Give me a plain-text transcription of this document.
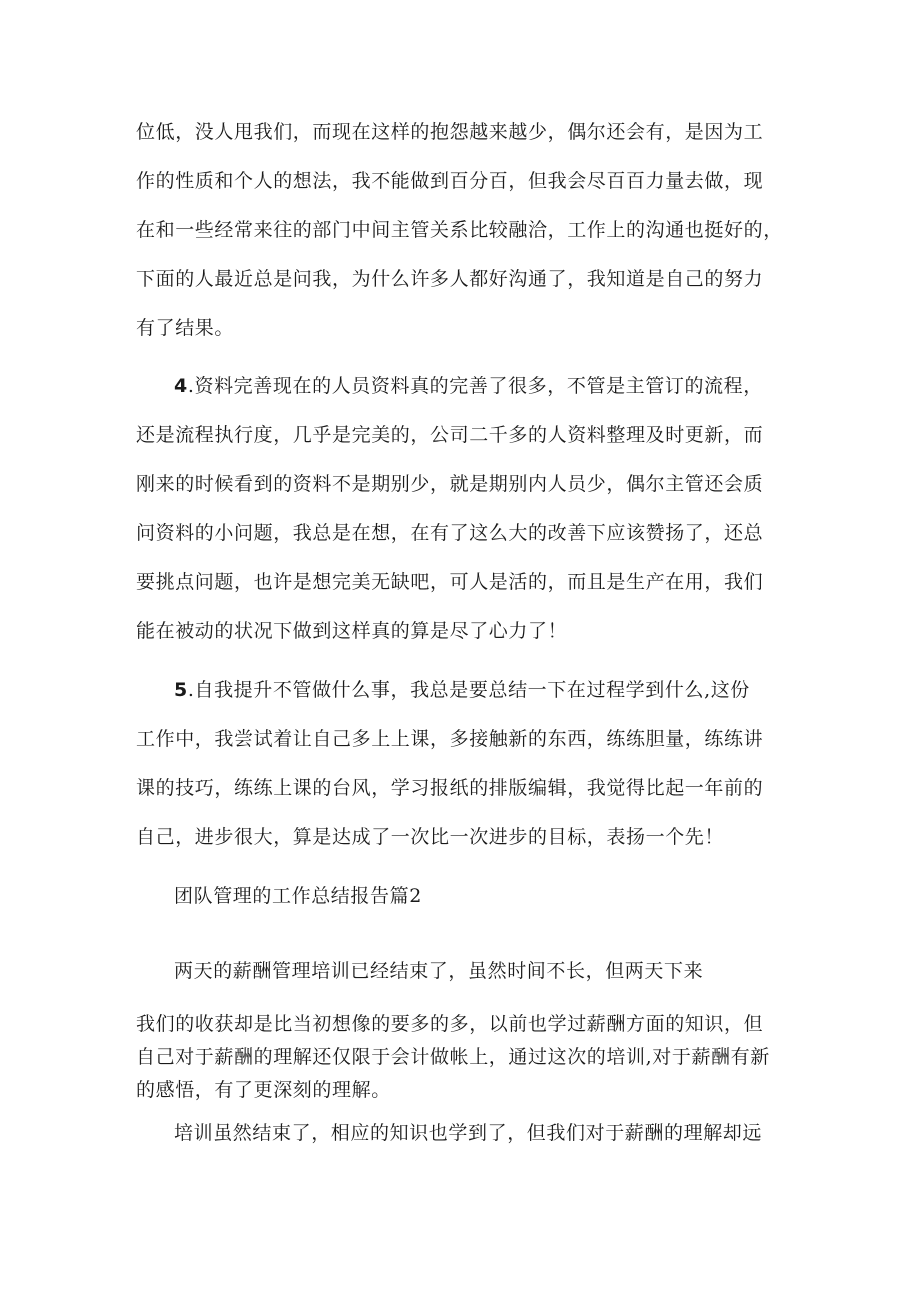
位低，没人甩我们，而现在这样的抱怨越来越少，偶尔还会有，是因为工
作的性质和个人的想法，我不能做到百分百，但我会尽百百力量去做，现
在和一些经常来往的部门中间主管关系比较融洽，工作上的沟通也挺好的，
下面的人最近总是问我，为什么许多人都好沟通了，我知道是自己的努力
有了结果。

4.资料完善现在的人员资料真的完善了很多，不管是主管订的流程，
还是流程执行度，几乎是完美的，公司二千多的人资料整理及时更新，而
刚来的时候看到的资料不是期别少，就是期别内人员少，偶尔主管还会质
问资料的小问题，我总是在想，在有了这么大的改善下应该赞扬了，还总
要挑点问题，也许是想完美无缺吧，可人是活的，而且是生产在用，我们
能在被动的状况下做到这样真的算是尽了心力了！

5.自我提升不管做什么事，我总是要总结一下在过程学到什么,这份
工作中，我尝试着让自己多上上课，多接触新的东西，练练胆量，练练讲
课的技巧，练练上课的台风，学习报纸的排版编辑，我觉得比起一年前的
自己，进步很大，算是达成了一次比一次进步的目标，表扬一个先！

团队管理的工作总结报告篇2

两天的薪酬管理培训已经结束了，虽然时间不长，但两天下来

我们的收获却是比当初想像的要多的多，以前也学过薪酬方面的知识，但
自己对于薪酬的理解还仅限于会计做帐上，通过这次的培训,对于薪酬有新
的感悟，有了更深刻的理解。

培训虽然结束了，相应的知识也学到了，但我们对于薪酬的理解却远
